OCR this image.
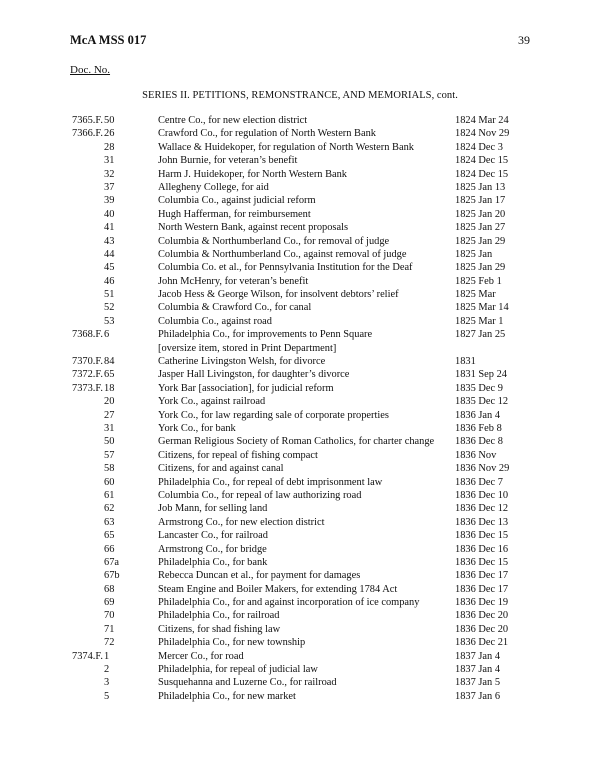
McA MSS 017	39
Doc. No.
SERIES II. PETITIONS, REMONSTRANCE, AND MEMORIALS, cont.
7365.F. 50	Centre Co., for new election district	1824 Mar 24
7366.F. 26	Crawford Co., for regulation of North Western Bank	1824 Nov 29
28	Wallace & Huidekoper, for regulation of North Western Bank	1824 Dec 3
31	John Burnie, for veteran’s benefit	1824 Dec 15
32	Harm J. Huidekoper, for North Western Bank	1824 Dec 15
37	Allegheny College, for aid	1825 Jan 13
39	Columbia Co., against judicial reform	1825 Jan 17
40	Hugh Hafferman, for reimbursement	1825 Jan 20
41	North Western Bank, against recent proposals	1825 Jan 27
43	Columbia & Northumberland Co., for removal of judge	1825 Jan 29
44	Columbia & Northumberland Co., against removal of judge	1825 Jan
45	Columbia Co. et al., for Pennsylvania Institution for the Deaf	1825 Jan 29
46	John McHenry, for veteran’s benefit	1825 Feb 1
51	Jacob Hess & George Wilson, for insolvent debtors’ relief	1825 Mar
52	Columbia & Crawford Co., for canal	1825 Mar 14
53	Columbia Co., against road	1825 Mar 1
7368.F. 6	Philadelphia Co., for improvements to Penn Square	1827 Jan 25
[oversize item, stored in Print Department]
7370.F. 84	Catherine Livingston Welsh, for divorce	1831
7372.F. 65	Jasper Hall Livingston, for daughter’s divorce	1831 Sep 24
7373.F. 18	York Bar [association], for judicial reform	1835 Dec 9
20	York Co., against railroad	1835 Dec 12
27	York Co., for law regarding sale of corporate properties	1836 Jan 4
31	York Co., for bank	1836 Feb 8
50	German Religious Society of Roman Catholics, for charter change 1836 Dec 8
57	Citizens, for repeal of fishing compact	1836 Nov
58	Citizens, for and against canal	1836 Nov 29
60	Philadelphia Co., for repeal of debt imprisonment law	1836 Dec 7
61	Columbia Co., for repeal of law authorizing road	1836 Dec 10
62	Job Mann, for selling land	1836 Dec 12
63	Armstrong Co., for new election district	1836 Dec 13
65	Lancaster Co., for railroad	1836 Dec 15
66	Armstrong Co., for bridge	1836 Dec 16
67a	Philadelphia Co., for bank	1836 Dec 15
67b	Rebecca Duncan et al., for payment for damages	1836 Dec 17
68	Steam Engine and Boiler Makers, for extending 1784 Act	1836 Dec 17
69	Philadelphia Co., for and against incorporation of ice company	1836 Dec 19
70	Philadelphia Co., for railroad	1836 Dec 20
71	Citizens, for shad fishing law	1836 Dec 20
72	Philadelphia Co., for new township	1836 Dec 21
7374.F. 1	Mercer Co., for road	1837 Jan 4
2	Philadelphia, for repeal of judicial law	1837 Jan 4
3	Susquehanna and Luzerne Co., for railroad	1837 Jan 5
5	Philadelphia Co., for new market	1837 Jan 6
